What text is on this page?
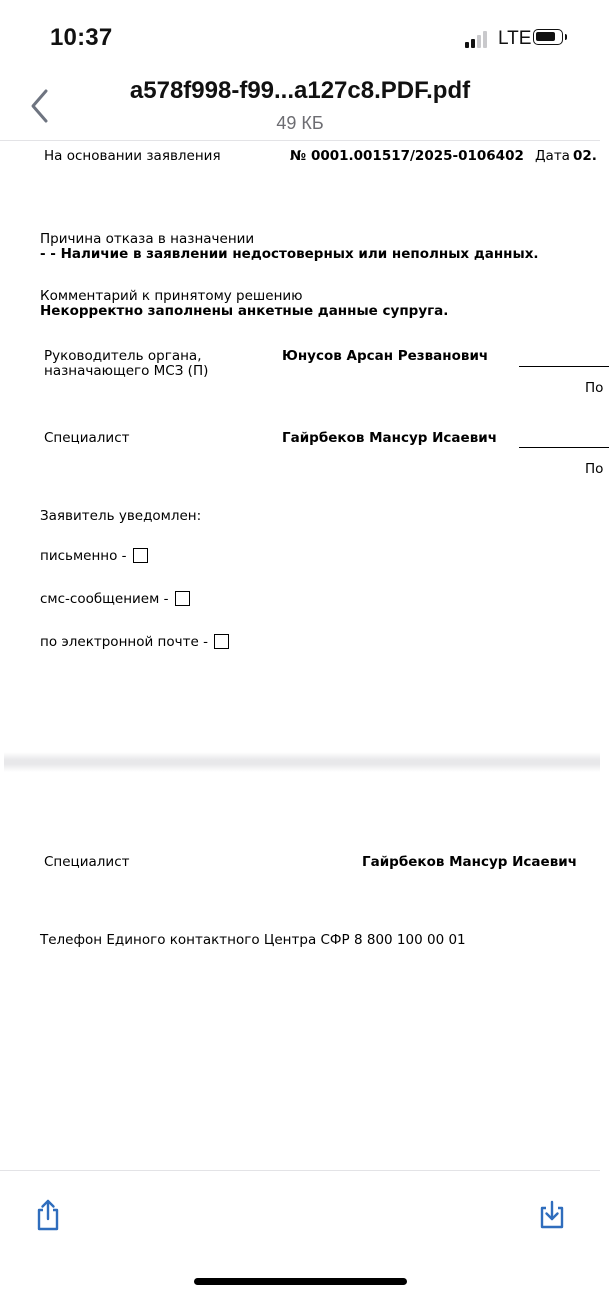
10:37	LTE
a578f998-f99...a127c8.PDF.pdf
49 КБ
На основании заявления	№ 0001.001517/2025-0106402 Дата 02.
Причина отказа в назначении
- - Наличие в заявлении недостоверных или неполных данных.
Комментарий к принятому решению
Некорректно заполнены анкетные данные супруга.
Руководитель органа,
назначающего МСЗ (П)
Юнусов Арсан Резванович
По
Специалист	Гайрбеков Мансур Исаевич
По
Заявитель уведомлен:
письменно -
смс-сообщением -
по электронной почте -
Специалист	Гайрбеков Мансур Исаевич
Телефон Единого контактного Центра СФР 8 800 100 00 01
